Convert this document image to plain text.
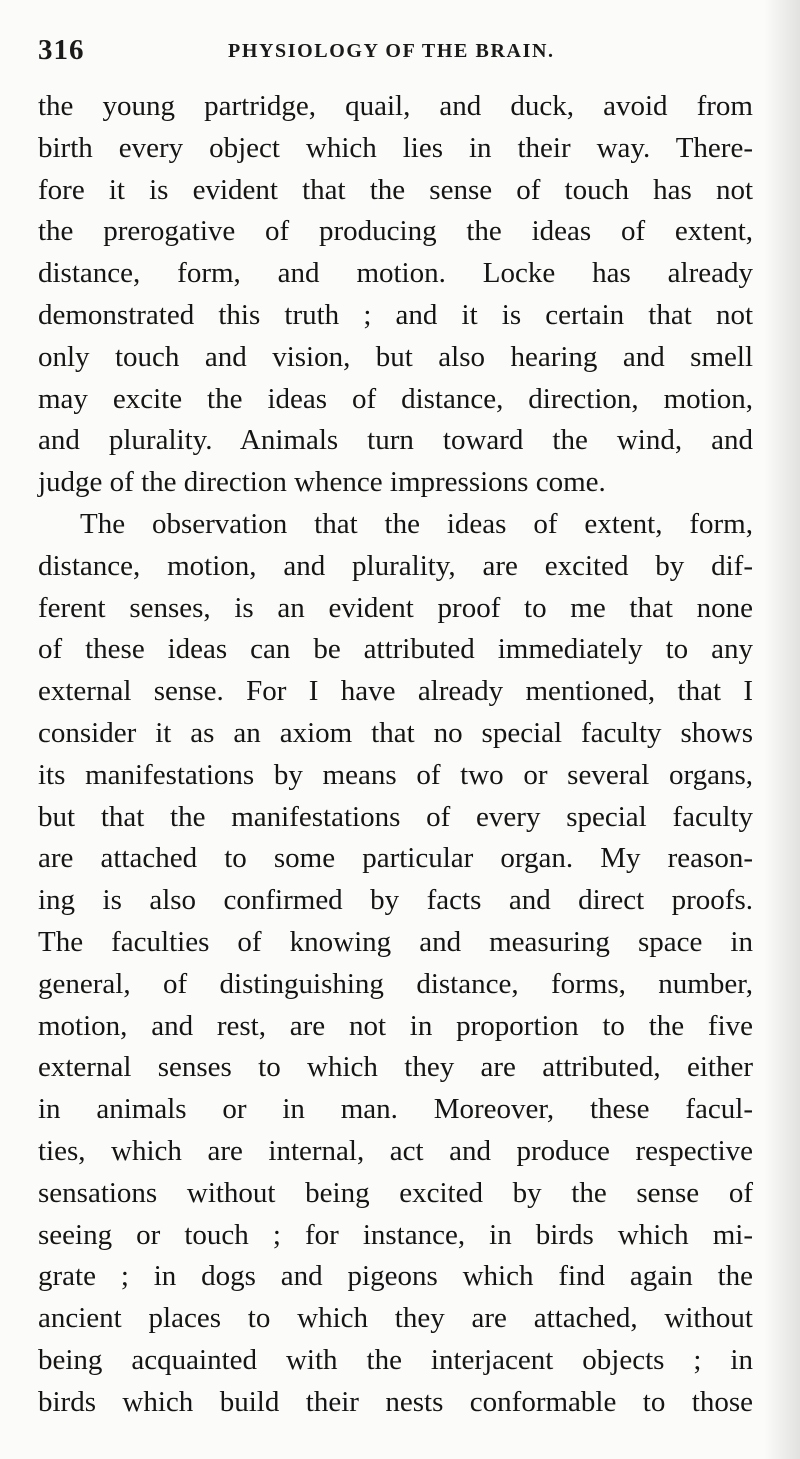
316	PHYSIOLOGY OF THE BRAIN.
the young partridge, quail, and duck, avoid from
birth every object which lies in their way. There-
fore it is evident that the sense of touch has not
the prerogative of producing the ideas of extent,
distance, form, and motion. Locke has already
demonstrated this truth ; and it is certain that not
only touch and vision, but also hearing and smell
may excite the ideas of distance, direction, motion,
and plurality. Animals turn toward the wind, and
judge of the direction whence impressions come.
The observation that the ideas of extent, form,
distance, motion, and plurality, are excited by dif-
ferent senses, is an evident proof to me that none
of these ideas can be attributed immediately to any
external sense. For I have already mentioned, that I
consider it as an axiom that no special faculty shows
its manifestations by means of two or several organs,
but that the manifestations of every special faculty
are attached to some particular organ. My reason-
ing is also confirmed by facts and direct proofs.
The faculties of knowing and measuring space in
general, of distinguishing distance, forms, number,
motion, and rest, are not in proportion to the five
external senses to which they are attributed, either
in animals or in man. Moreover, these facul-
ties, which are internal, act and produce respective
sensations without being excited by the sense of
seeing or touch ; for instance, in birds which mi-
grate ; in dogs and pigeons which find again the
ancient places to which they are attached, without
being acquainted with the interjacent objects ; in
birds which build their nests conformable to those
